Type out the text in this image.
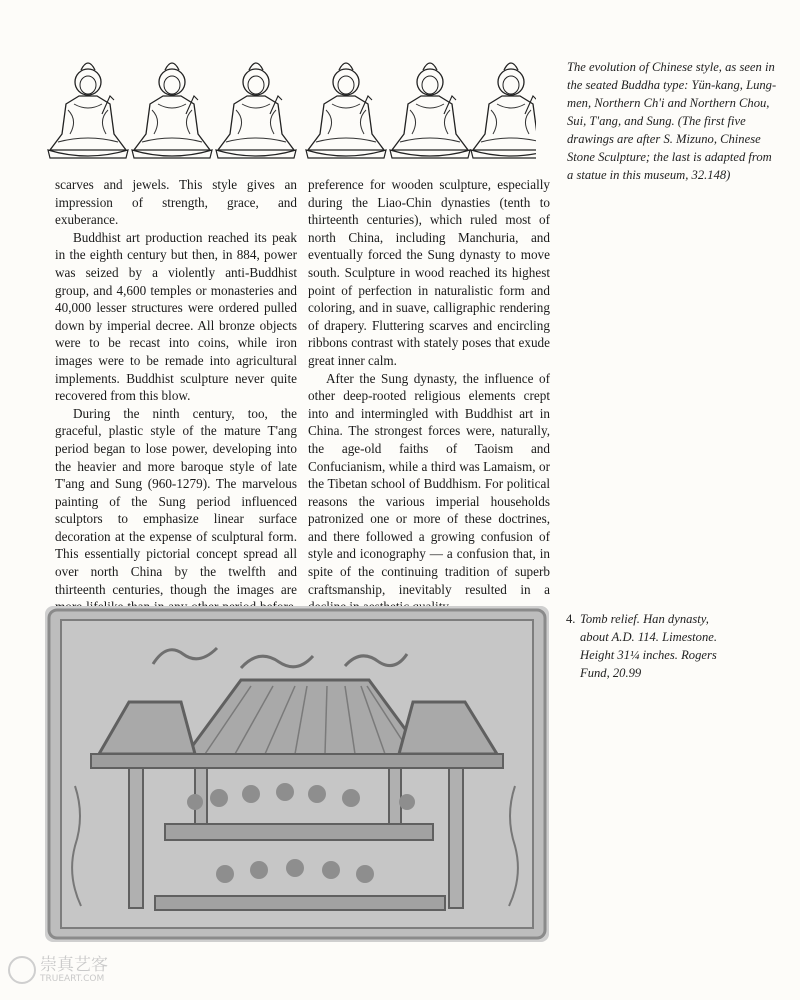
The evolution of Chinese style, as seen in the seated Buddha type: Yün-kang, Lung-men, Northern Ch'i and Northern Chou, Sui, T'ang, and Sung. (The first five drawings are after S. Mizuno, Chinese Stone Sculpture; the last is adapted from a statue in this museum, 32.148)

scarves and jewels. This style gives an impression of strength, grace, and exuberance.

Buddhist art production reached its peak in the eighth century but then, in 884, power was seized by a violently anti-Buddhist group, and 4,600 temples or monasteries and 40,000 lesser structures were ordered pulled down by imperial decree. All bronze objects were to be recast into coins, while iron images were to be remade into agricultural implements. Buddhist sculpture never quite recovered from this blow.

During the ninth century, too, the graceful, plastic style of the mature T'ang period began to lose power, developing into the heavier and more baroque style of late T'ang and Sung (960-1279). The marvelous painting of the Sung period influenced sculptors to emphasize linear surface decoration at the expense of sculptural form. This essentially pictorial concept spread all over north China by the twelfth and thirteenth centuries, though the images are

preference for wooden sculpture, especially during the Liao-Chin dynasties (tenth to thirteenth centuries), which ruled most of north China, including Manchuria, and eventually forced the Sung dynasty to move south. Sculpture in wood reached its highest point of perfection in naturalistic form and coloring, and in suave, calligraphic rendering of drapery. Fluttering scarves and encircling ribbons contrast with stately poses that exude great inner calm.

After the Sung dynasty, the influence of other deep-rooted religious elements crept into and intermingled with Buddhist art in China. The strongest forces were, naturally, the age-old faiths of Taoism and Confucianism, while a third was Lamaism, or the Tibetan school of Buddhism. For political reasons the various imperial households patronized one or more of these doctrines, and there followed a growing confusion of style and iconography — a confusion that, in spite of the continuing tradition of superb craftsmanship, inevitably resulted in a

4. Tomb relief. Han dynasty,
about A.D. 114. Limestone.
Height 31¼ inches. Rogers
Fund, 20.99
崇真艺客
TRUEART.COM
